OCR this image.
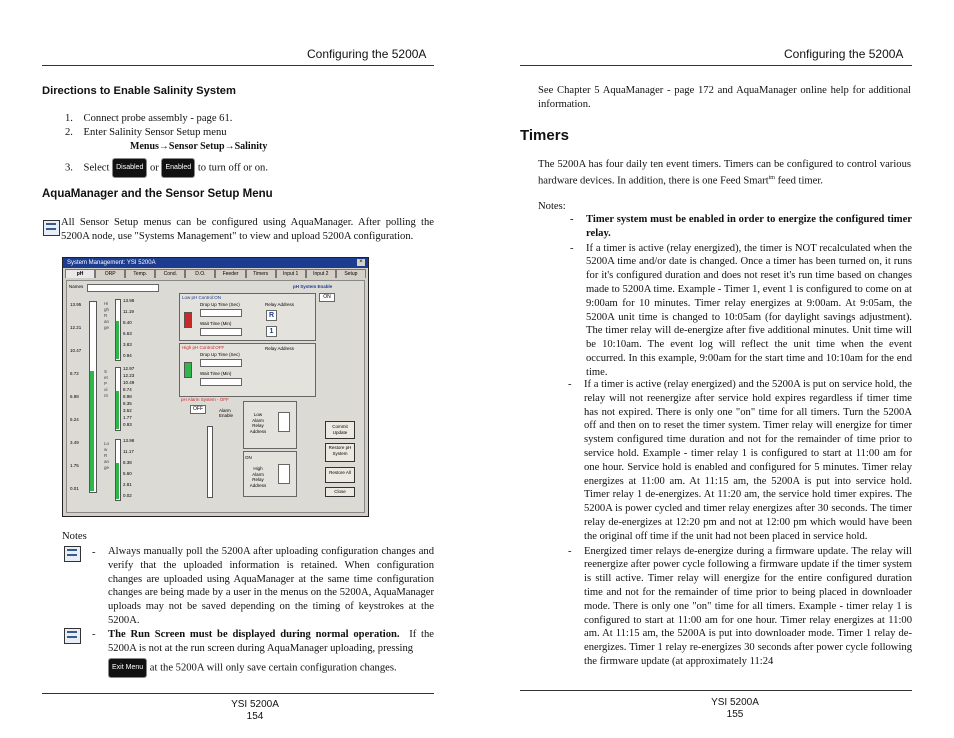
Configuring the 5200A
Directions to Enable Salinity System
1. Connect probe assembly - page 61.
2. Enter Salinity Sensor Setup menu
Menus→Sensor Setup→Salinity
3. Select Disabled or Enabled to turn off or on.
AquaManager and the Sensor Setup Menu
All Sensor Setup menus can be configured using AquaManager. After polling the 5200A node, use "Systems Management" to view and upload 5200A configuration.
System Management: YSI 5200A	×
pH	ORP	Temp.	Cond.	D.O.	Feeder	Timers	Input 1	Input 2	Setup
Names
13.95
12.21
10.47
8.72
6.98
5.24
3.49
1.75
0.01
High Range
Set Point
Low Range
13.98
11.19
8.40
6.63
3.83
0.94
12.97
12.23
10.49
8.74
8.98
8.35
3.52
1.77
0.93
13.98
11.17
8.38
5.60
2.81
0.02
Low pH Control:ON
Drop Up Time (Sec)
Wait Time (Min)
Relay Address
R
1
pH System Enable
ON
High pH Control:OFF
Drop Up Time (Sec)
Wait Time (Min)
Relay Address
pH Alarm System - OFF
OFF	Alarm Enable	Low Alarm Relay Address
ON
High Alarm Relay Address
Commit Update
Restore pH System
Restore All
Close
Notes
- Always manually poll the 5200A after uploading configuration changes and verify that the uploaded information is retained. When configuration changes are uploaded using AquaManager at the same time configuration changes are being made by a user in the menus on the 5200A, AquaManager uploads may not be saved depending on the timing of keystrokes at the 5200A.
- The Run Screen must be displayed during normal operation. If the 5200A is not at the run screen during AquaManager uploading, pressing
Exit Menu at the 5200A will only save certain configuration changes.
YSI 5200A
154
Configuring the 5200A
See Chapter 5 AquaManager - page 172 and AquaManager online help for additional information.
Timers
The 5200A has four daily ten event timers. Timers can be configured to control various hardware devices. In addition, there is one Feed Smart$^{tm}$ feed timer.
Notes:
- Timer system must be enabled in order to energize the configured timer relay.
- If a timer is active (relay energized), the timer is NOT recalculated when the 5200A time and/or date is changed. Once a timer has been turned on, it runs for it's configured duration and does not reset it's run time based on changes made to 5200A time. Example - Timer 1, event 1 is configured to come on at 9:00am for 10 minutes. Timer relay energizes at 9:00am. At 9:05am, the 5200A unit time is changed to 10:05am (for daylight savings adjustment). The timer relay will de-energize after five additional minutes. Unit time will be 10:10am. The event log will reflect the unit time when the event occurred. In this example, 9:00am for the start time and 10:10am for the end time.
- If a timer is active (relay energized) and the 5200A is put on service hold, the relay will not reenergize after service hold expires regardless if timer time has not expired. There is only one "on" time for all timers. Turn the 5200A off and then on to reset the timer system. Timer relay will energize for timer system configured time duration and not for the remainder of time prior to service hold. Example - timer relay 1 is configured to start at 11:00 am for one hour. Service hold is enabled and configured for 5 minutes. Timer relay energizes at 11:00 am. At 11:15 am, the 5200A is put into service hold. Timer relay 1 de-energizes. At 11:20 am, the service hold timer expires. The 5200A is power cycled and timer relay energizes after 30 seconds. The timer relay de-energizes at 12:20 pm and not at 12:00 pm which would have been the original off time if the unit had not been placed in service hold.
- Energized timer relays de-energize during a firmware update. The relay will reenergize after power cycle following a firmware update if the timer system is still active. Timer relay will energize for the entire configured duration time and not for the remainder of time prior to being placed in downloader mode. There is only one "on" time for all timers. Example - timer relay 1 is configured to start at 11:00 am for one hour. Timer relay energizes at 11:00 am. At 11:15 am, the 5200A is put into downloader mode. Timer 1 relay de-energizes. Timer 1 relay re-energizes 30 seconds after power cycle following the firmware update (at approximately 11:24
YSI 5200A
155
